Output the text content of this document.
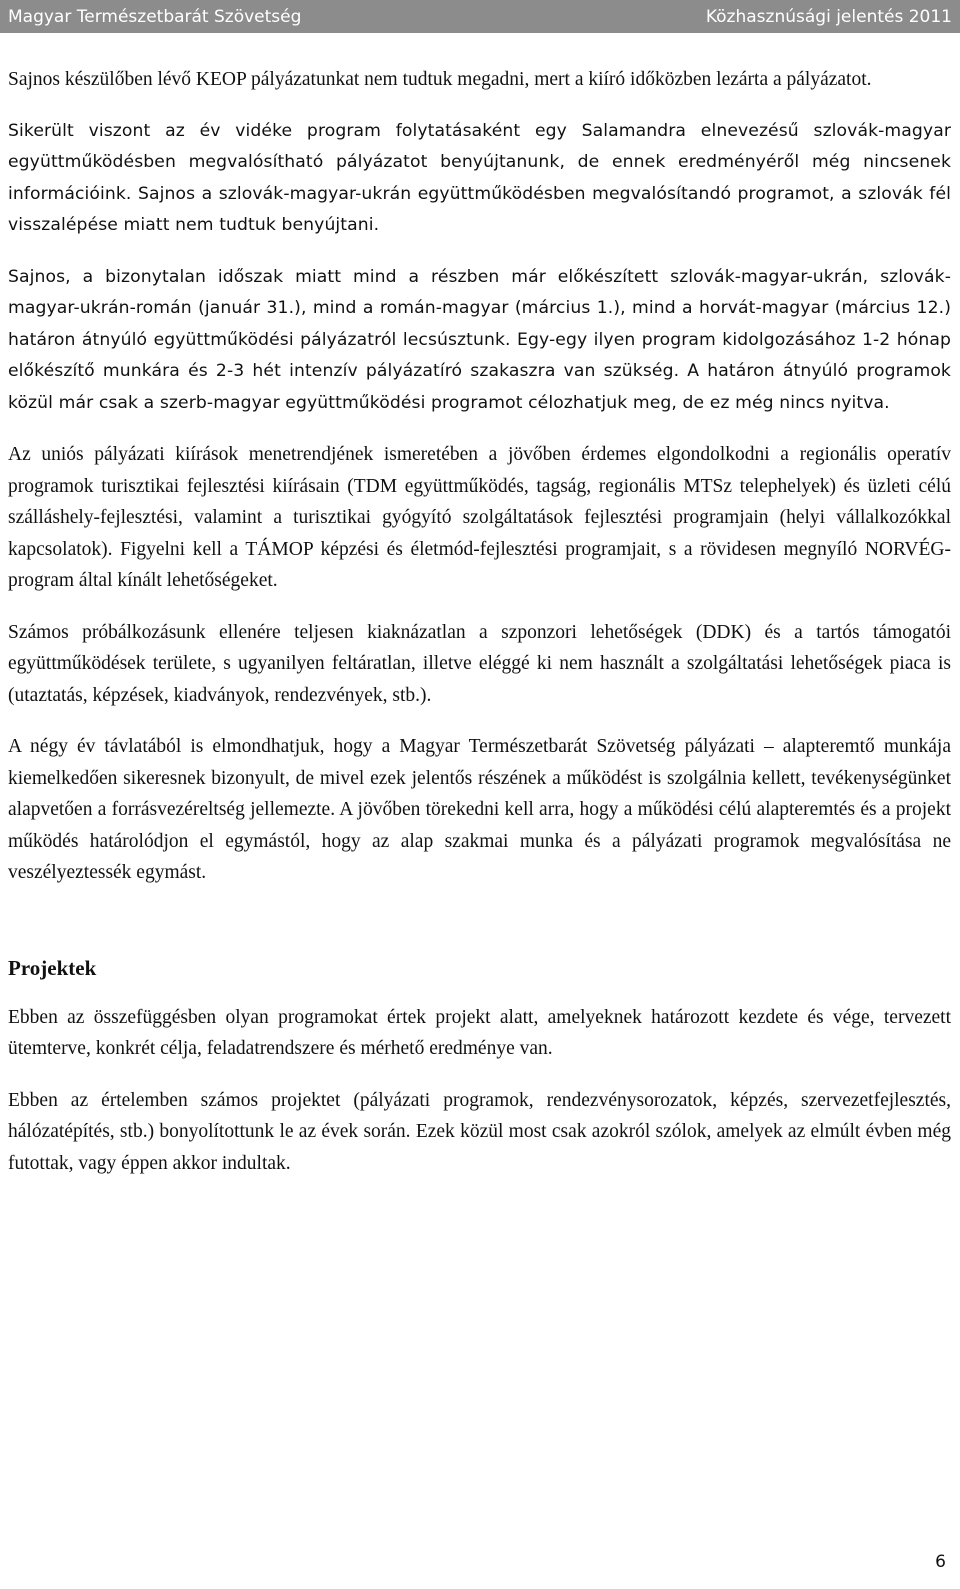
Magyar Természetbarát Szövetség	Közhasznúsági jelentés 2011

Sajnos készülőben lévő KEOP pályázatunkat nem tudtuk megadni, mert a kiíró időközben lezárta a pályázatot.

Sikerült viszont az év vidéke program folytatásaként egy Salamandra elnevezésű szlovák-magyar együttműködésben megvalósítható pályázatot benyújtanunk, de ennek eredményéről még nincsenek információink. Sajnos a szlovák-magyar-ukrán együttműködésben megvalósítandó programot, a szlovák fél visszalépése miatt nem tudtuk benyújtani.

Sajnos, a bizonytalan időszak miatt mind a részben már előkészített szlovák-magyar-ukrán, szlovák-magyar-ukrán-román (január 31.), mind a román-magyar (március 1.), mind a horvát-magyar (március 12.) határon átnyúló együttműködési pályázatról lecsúsztunk. Egy-egy ilyen program kidolgozásához 1-2 hónap előkészítő munkára és 2-3 hét intenzív pályázatíró szakaszra van szükség. A határon átnyúló programok közül már csak a szerb-magyar együttműködési programot célozhatjuk meg, de ez még nincs nyitva.

Az uniós pályázati kiírások menetrendjének ismeretében a jövőben érdemes elgondolkodni a regionális operatív programok turisztikai fejlesztési kiírásain (TDM együttműködés, tagság, regionális MTSz telephelyek) és üzleti célú szálláshely-fejlesztési, valamint a turisztikai gyógyító szolgáltatások fejlesztési programjain (helyi vállalkozókkal kapcsolatok). Figyelni kell a TÁMOP képzési és életmód-fejlesztési programjait, s a rövidesen megnyíló NORVÉG-program által kínált lehetőségeket.

Számos próbálkozásunk ellenére teljesen kiaknázatlan a szponzori lehetőségek (DDK) és a tartós támogatói együttműködések területe, s ugyanilyen feltáratlan, illetve eléggé ki nem használt a szolgáltatási lehetőségek piaca is (utaztatás, képzések, kiadványok, rendezvények, stb.).

A négy év távlatából is elmondhatjuk, hogy a Magyar Természetbarát Szövetség pályázati – alapteremtő munkája kiemelkedően sikeresnek bizonyult, de mivel ezek jelentős részének a működést is szolgálnia kellett, tevékenységünket alapvetően a forrásvezéreltség jellemezte. A jövőben törekedni kell arra, hogy a működési célú alapteremtés és a projekt működés határolódjon el egymástól, hogy az alap szakmai munka és a pályázati programok megvalósítása ne veszélyeztessék egymást.

Projektek

Ebben az összefüggésben olyan programokat értek projekt alatt, amelyeknek határozott kezdete és vége, tervezett ütemterve, konkrét célja, feladatrendszere és mérhető eredménye van.

Ebben az értelemben számos projektet (pályázati programok, rendezvénysorozatok, képzés, szervezetfejlesztés, hálózatépítés, stb.) bonyolítottunk le az évek során. Ezek közül most csak azokról szólok, amelyek az elmúlt évben még futottak, vagy éppen akkor indultak.

6
